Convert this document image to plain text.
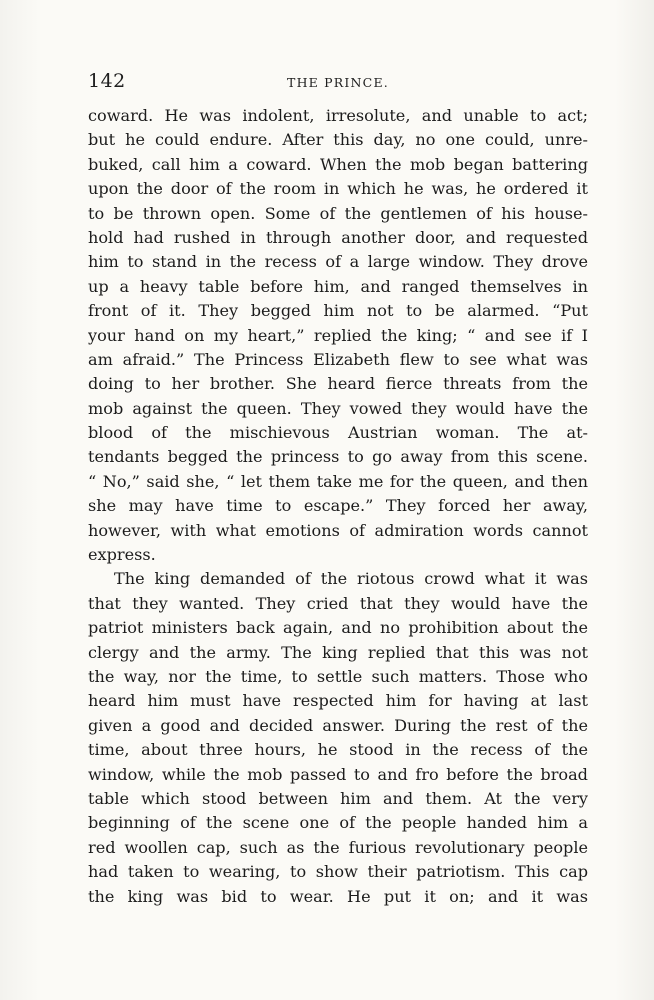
142	THE PRINCE.
coward. He was indolent, irresolute, and unable to act;
but he could endure. After this day, no one could, unre-
buked, call him a coward. When the mob began battering
upon the door of the room in which he was, he ordered it
to be thrown open. Some of the gentlemen of his house-
hold had rushed in through another door, and requested
him to stand in the recess of a large window. They drove
up a heavy table before him, and ranged themselves in
front of it. They begged him not to be alarmed. “Put
your hand on my heart,” replied the king; “ and see if I
am afraid.” The Princess Elizabeth flew to see what was
doing to her brother. She heard fierce threats from the
mob against the queen. They vowed they would have the
blood of the mischievous Austrian woman. The at-
tendants begged the princess to go away from this scene.
“ No,” said she, “ let them take me for the queen, and then
she may have time to escape.” They forced her away,
however, with what emotions of admiration words cannot
express.
The king demanded of the riotous crowd what it was
that they wanted. They cried that they would have the
patriot ministers back again, and no prohibition about the
clergy and the army. The king replied that this was not
the way, nor the time, to settle such matters. Those who
heard him must have respected him for having at last
given a good and decided answer. During the rest of the
time, about three hours, he stood in the recess of the
window, while the mob passed to and fro before the broad
table which stood between him and them. At the very
beginning of the scene one of the people handed him a
red woollen cap, such as the furious revolutionary people
had taken to wearing, to show their patriotism. This cap
the king was bid to wear. He put it on; and it was
